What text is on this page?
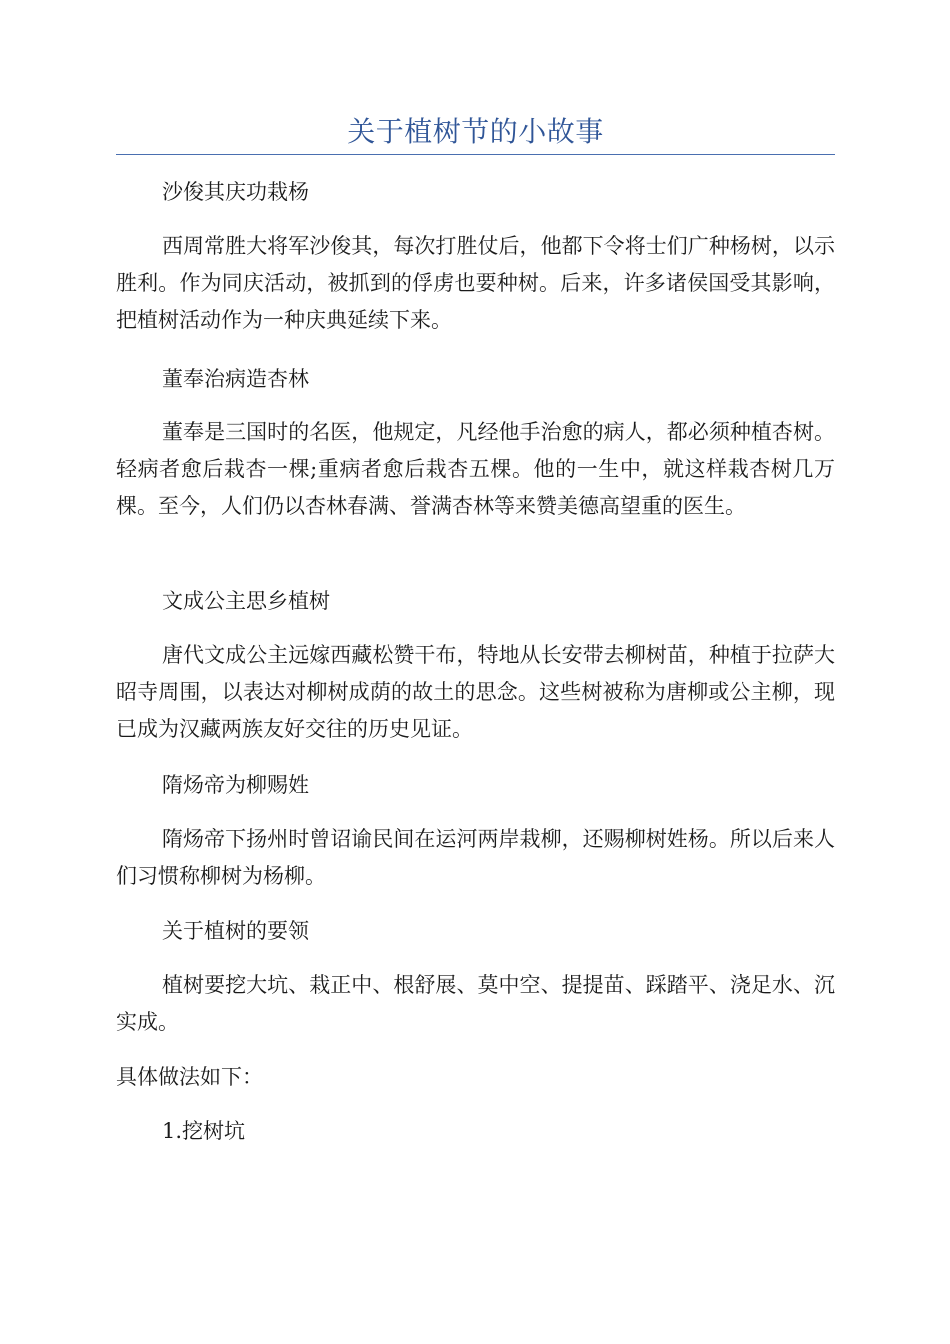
关于植树节的小故事

沙俊其庆功栽杨

西周常胜大将军沙俊其，每次打胜仗后，他都下令将士们广种杨树，以示胜利。作为同庆活动，被抓到的俘虏也要种树。后来，许多诸侯国受其影响，把植树活动作为一种庆典延续下来。

董奉治病造杏林

董奉是三国时的名医，他规定，凡经他手治愈的病人，都必须种植杏树。轻病者愈后栽杏一棵;重病者愈后栽杏五棵。他的一生中，就这样栽杏树几万棵。至今，人们仍以杏林春满、誉满杏林等来赞美德高望重的医生。

文成公主思乡植树

唐代文成公主远嫁西藏松赞干布，特地从长安带去柳树苗，种植于拉萨大昭寺周围，以表达对柳树成荫的故土的思念。这些树被称为唐柳或公主柳，现已成为汉藏两族友好交往的历史见证。

隋炀帝为柳赐姓

隋炀帝下扬州时曾诏谕民间在运河两岸栽柳，还赐柳树姓杨。所以后来人们习惯称柳树为杨柳。

关于植树的要领

植树要挖大坑、栽正中、根舒展、莫中空、提提苗、踩踏平、浇足水、沉实成。

具体做法如下：

1.挖树坑
